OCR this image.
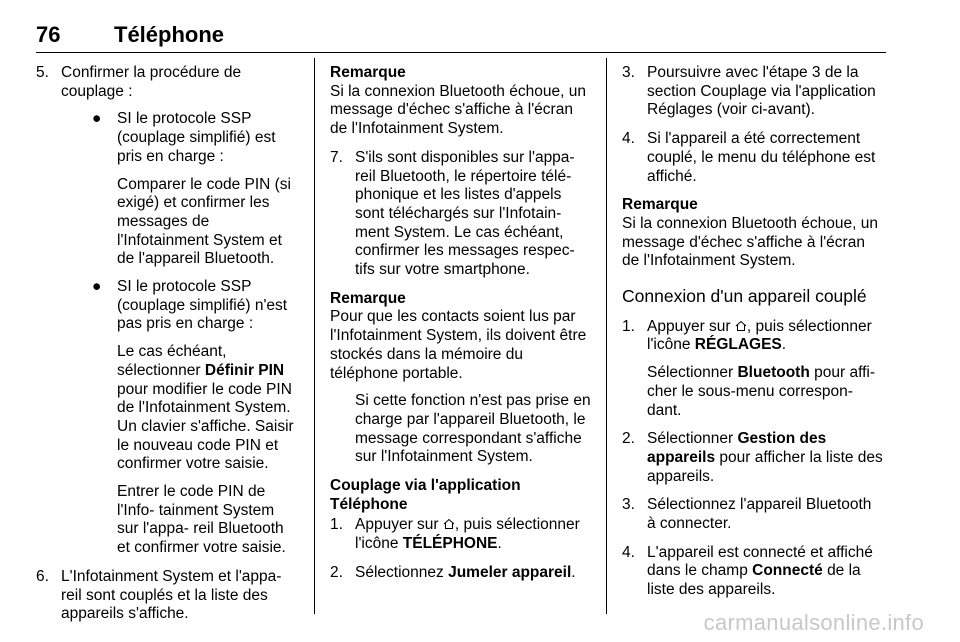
76 Téléphone
5. Confirmer la procédure de couplage :
● SI le protocole SSP (couplage simplifié) est pris en charge :
Comparer le code PIN (si exigé) et confirmer les messages de l'Infotainment System et de l'appareil Bluetooth.
● SI le protocole SSP (couplage simplifié) n'est pas pris en charge :
Le cas échéant, sélectionner Définir PIN pour modifier le code PIN de l'Infotainment System. Un clavier s'affiche. Saisir le nouveau code PIN et confirmer votre saisie.
Entrer le code PIN de l'Info- tainment System sur l'appa- reil Bluetooth et confirmer votre saisie.
6. L'Infotainment System et l'appa- reil sont couplés et la liste des appareils s'affiche.
Remarque
Si la connexion Bluetooth échoue, un message d'échec s'affiche à l'écran de l'Infotainment System.
7. S'ils sont disponibles sur l'appa- reil Bluetooth, le répertoire télé- phonique et les listes d'appels sont téléchargés sur l'Infotain- ment System. Le cas échéant, confirmer les messages respec- tifs sur votre smartphone.
Remarque
Pour que les contacts soient lus par l'Infotainment System, ils doivent être stockés dans la mémoire du téléphone portable.
Si cette fonction n'est pas prise en charge par l'appareil Bluetooth, le message correspondant s'affiche sur l'Infotainment System.
Couplage via l'application Téléphone
1. Appuyer sur , puis sélectionner l'icône TÉLÉPHONE.
2. Sélectionnez Jumeler appareil.
3. Poursuivre avec l'étape 3 de la section Couplage via l'application Réglages (voir ci-avant).
4. Si l'appareil a été correctement couplé, le menu du téléphone est affiché.
Remarque
Si la connexion Bluetooth échoue, un message d'échec s'affiche à l'écran de l'Infotainment System.
Connexion d'un appareil couplé
1. Appuyer sur , puis sélectionner l'icône RÉGLAGES.
Sélectionner Bluetooth pour affi- cher le sous-menu correspon- dant.
2. Sélectionner Gestion des appareils pour afficher la liste des appareils.
3. Sélectionnez l'appareil Bluetooth à connecter.
4. L'appareil est connecté et affiché dans le champ Connecté de la liste des appareils.
carmanualsonline.info
